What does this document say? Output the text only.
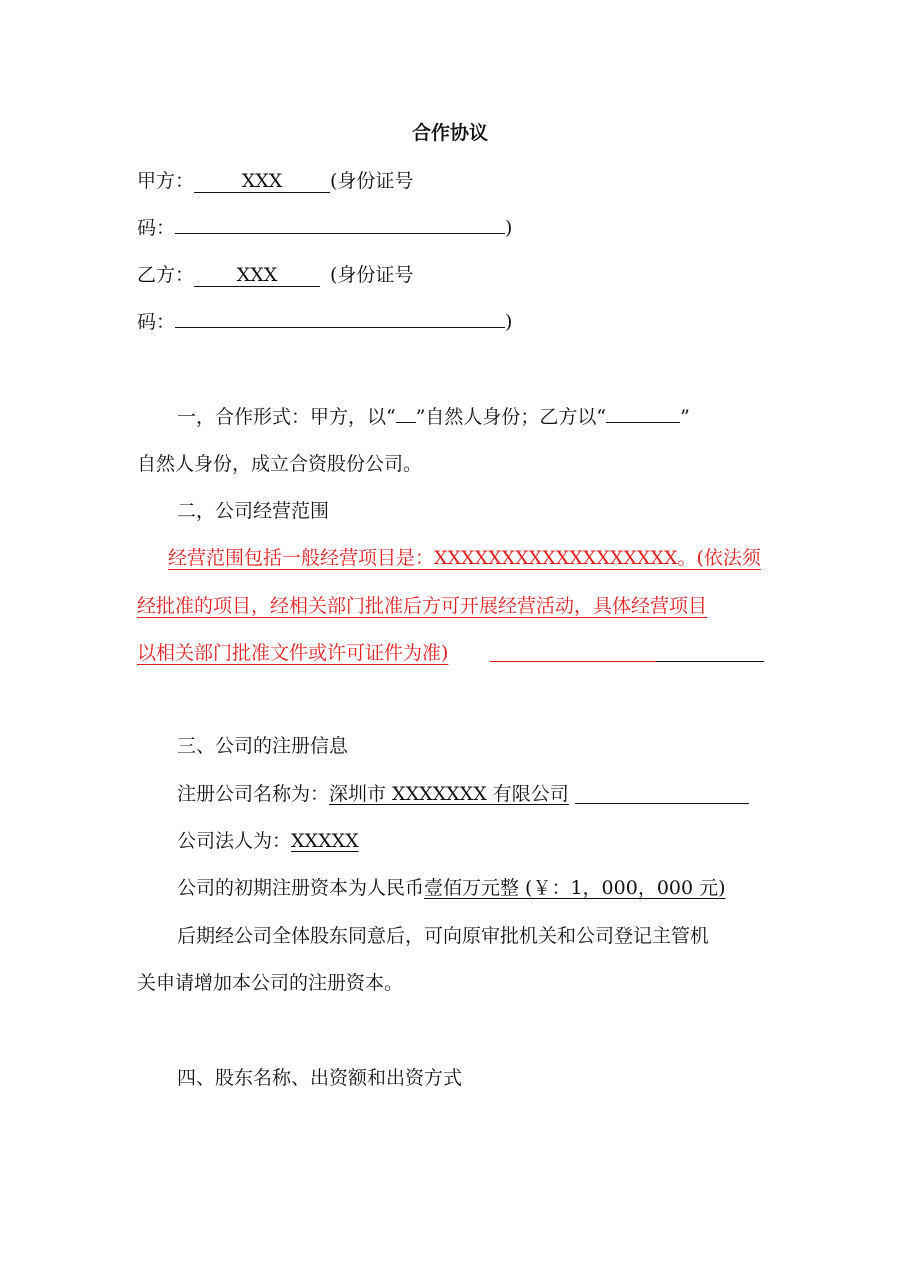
合作协议
甲方：	XXX	(身份证号
码：	)
乙方： XXX	(身份证号
码：	)
一，合作形式：甲方，以“ ”自然人身份；乙方以“	”
自然人身份，成立合资股份公司。
二，公司经营范围
经营范围包括一般经营项目是：XXXXXXXXXXXXXXXXXX。(依法须
经批准的项目，经相关部门批准后方可开展经营活动，具体经营项目
以相关部门批准文件或许可证件为准)
三、公司的注册信息
注册公司名称为：深圳市 XXXXXXX 有限公司
公司法人为：XXXXX
公司的初期注册资本为人民币壹佰万元整 (￥：1，000，000 元)
后期经公司全体股东同意后，可向原审批机关和公司登记主管机
关申请增加本公司的注册资本。
四、股东名称、出资额和出资方式
